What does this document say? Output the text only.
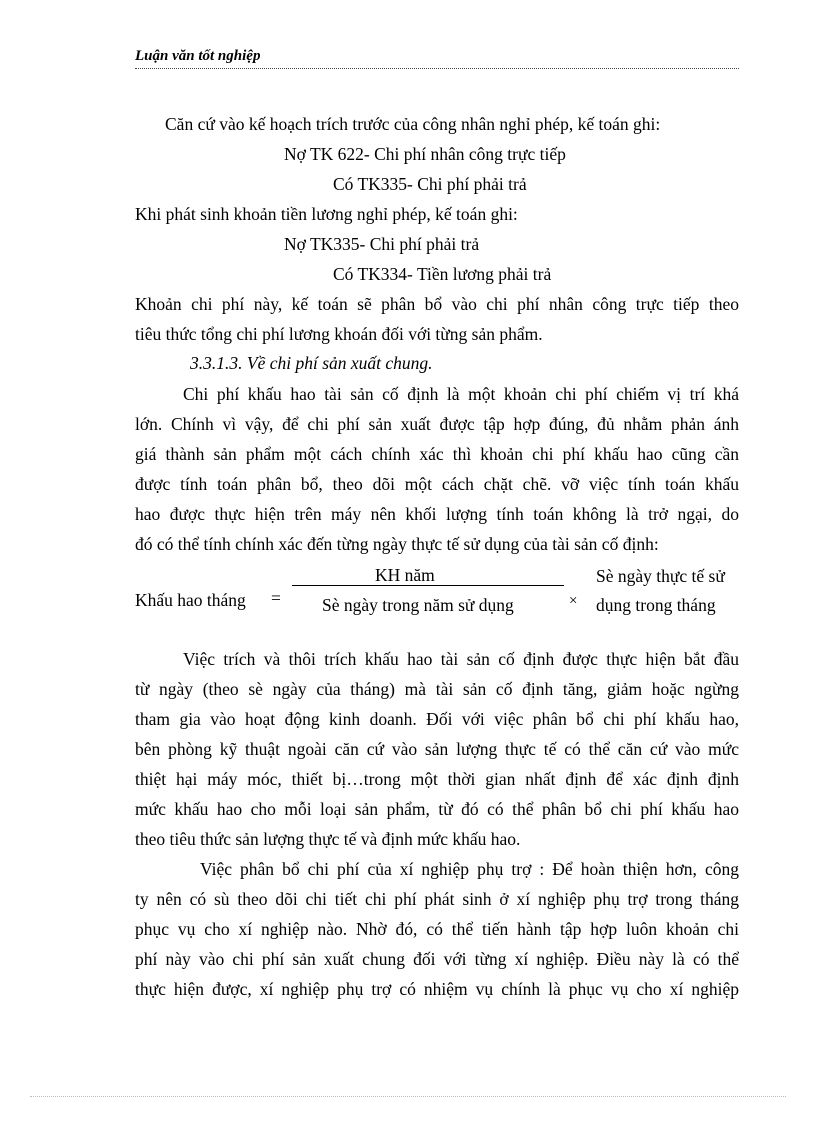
Luận văn tốt nghiệp
Căn cứ vào kế hoạch trích trước của công nhân nghỉ phép, kế toán ghi:
Nợ TK 622- Chi phí nhân công trực tiếp
Có TK335- Chi phí phải trả
Khi phát sinh khoản tiền lương nghỉ phép, kế toán ghi:
Nợ TK335- Chi phí phải trả
Có TK334- Tiền lương phải trả
Khoản chi phí này, kế toán sẽ phân bổ vào chi phí nhân công trực tiếp theo
tiêu thức tổng chi phí lương khoán đối với từng sản phẩm.
3.3.1.3. Về chi phí sản xuất chung.
Chi phí khấu hao tài sản cố định là một khoản chi phí chiếm vị trí khá
lớn. Chính vì vậy, để chi phí sản xuất được tập hợp đúng, đủ nhằm phản ánh
giá thành sản phẩm một cách chính xác thì khoản chi phí khấu hao cũng cần
được tính toán phân bổ, theo dõi một cách chặt chẽ. vỡ việc tính toán khấu
hao được thực hiện trên máy nên khối lượng tính toán không là trở ngại, do
đó có thể tính chính xác đến từng ngày thực tế sử dụng của tài sản cố định:
Khấu hao tháng =
KH năm
Sè ngày trong năm sử dụng	×
Sè ngày thực tế sử
dụng trong tháng
Việc trích và thôi trích khấu hao tài sản cố định được thực hiện bắt đầu
từ ngày (theo sè ngày của tháng) mà tài sản cố định tăng, giảm hoặc ngừng
tham gia vào hoạt động kinh doanh. Đối với việc phân bổ chi phí khấu hao,
bên phòng kỹ thuật ngoài căn cứ vào sản lượng thực tế có thể căn cứ vào mức
thiệt hại máy móc, thiết bị…trong một thời gian nhất định để xác định định
mức khấu hao cho mỗi loại sản phẩm, từ đó có thể phân bổ chi phí khấu hao
theo tiêu thức sản lượng thực tế và định mức khấu hao.
Việc phân bổ chi phí của xí nghiệp phụ trợ : Để hoàn thiện hơn, công
ty nên có sù theo dõi chi tiết chi phí phát sinh ở xí nghiệp phụ trợ trong tháng
phục vụ cho xí nghiệp nào. Nhờ đó, có thể tiến hành tập hợp luôn khoản chi
phí này vào chi phí sản xuất chung đối với từng xí nghiệp. Điều này là có thể
thực hiện được, xí nghiệp phụ trợ có nhiệm vụ chính là phục vụ cho xí nghiệp
